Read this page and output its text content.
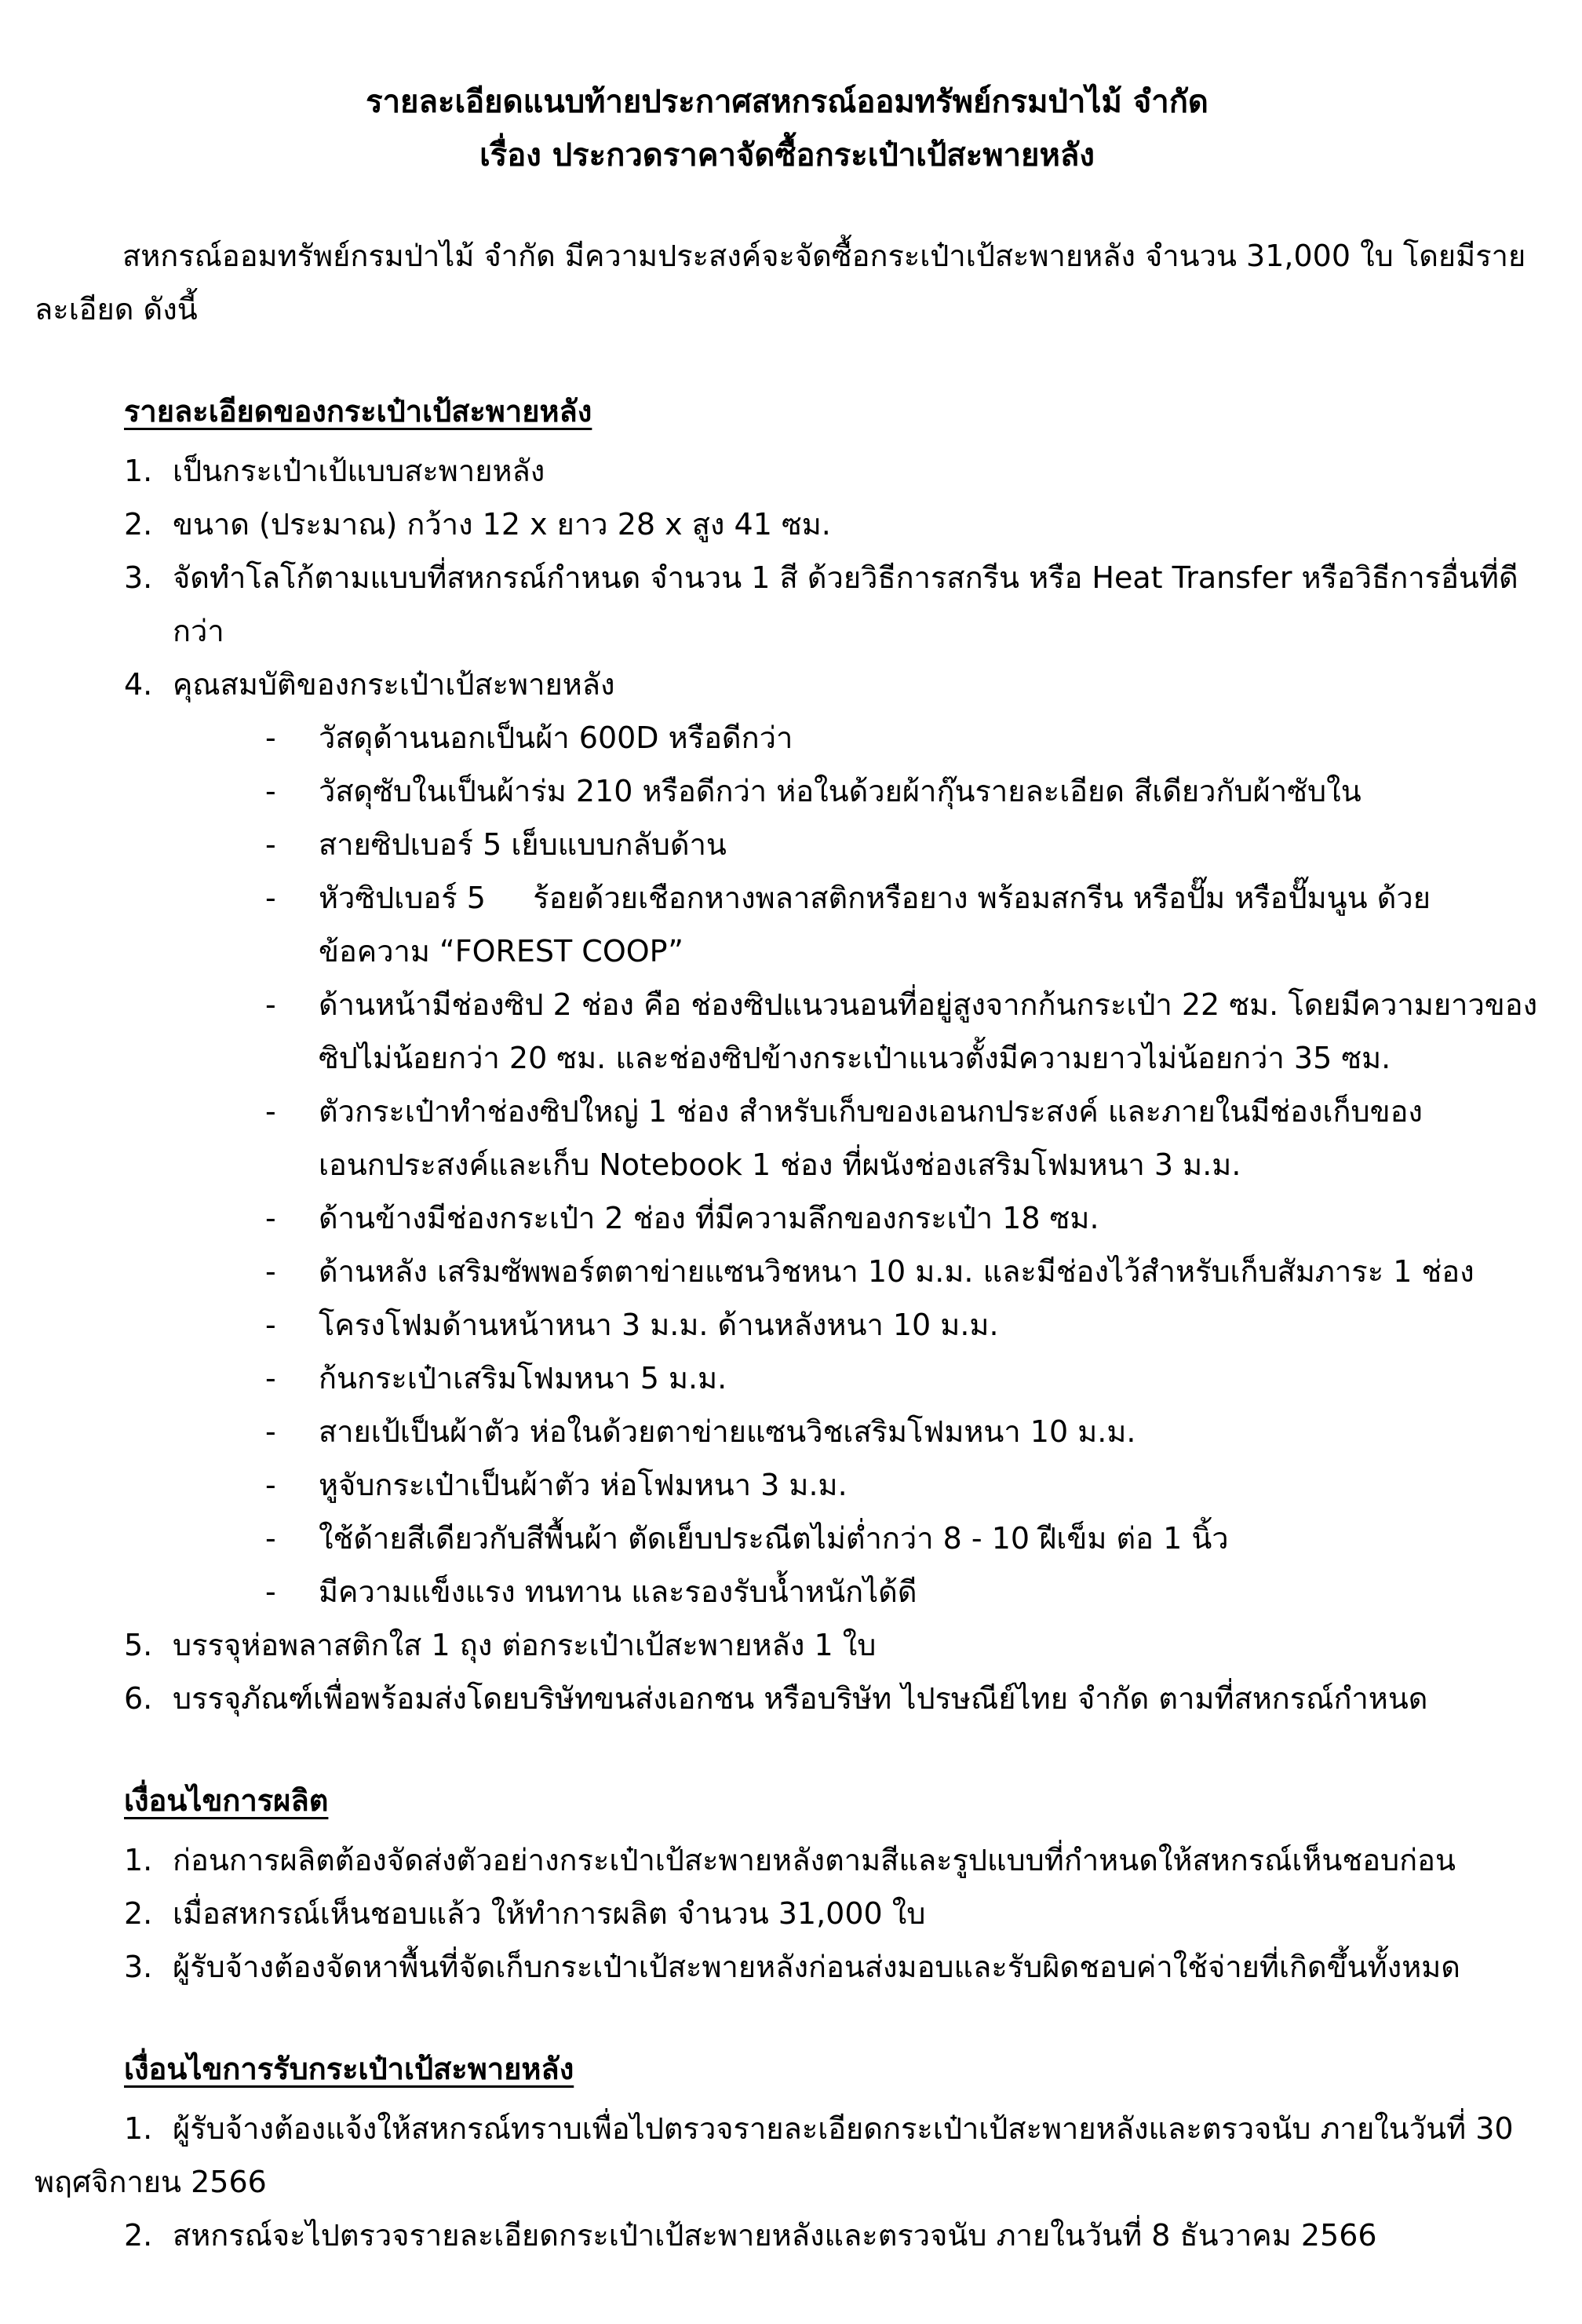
รายละเอียดแนบท้ายประกาศสหกรณ์ออมทรัพย์กรมป่าไม้ จำกัด
เรื่อง ประกวดราคาจัดซื้อกระเป๋าเป้สะพายหลัง

สหกรณ์ออมทรัพย์กรมป่าไม้ จำกัด มีความประสงค์จะจัดซื้อกระเป๋าเป้สะพายหลัง จำนวน 31,000 ใบ โดยมีรายละเอียด ดังนี้

รายละเอียดของกระเป๋าเป้สะพายหลัง
1. เป็นกระเป๋าเป้แบบสะพายหลัง
2. ขนาด (ประมาณ) กว้าง 12 x ยาว 28 x สูง 41 ซม.
3. จัดทำโลโก้ตามแบบที่สหกรณ์กำหนด จำนวน 1 สี ด้วยวิธีการสกรีน หรือ Heat Transfer หรือวิธีการอื่นที่ดีกว่า
4. คุณสมบัติของกระเป๋าเป้สะพายหลัง
- วัสดุด้านนอกเป็นผ้า 600D หรือดีกว่า
- วัสดุซับในเป็นผ้าร่ม 210 หรือดีกว่า ห่อในด้วยผ้ากุ๊นรายละเอียด สีเดียวกับผ้าซับใน
- สายซิปเบอร์ 5 เย็บแบบกลับด้าน
- หัวซิปเบอร์ 5     ร้อยด้วยเชือกหางพลาสติกหรือยาง พร้อมสกรีน หรือปั๊ม หรือปั๊มนูน ด้วยข้อความ “FOREST COOP”
- ด้านหน้ามีช่องซิป 2 ช่อง คือ ช่องซิปแนวนอนที่อยู่สูงจากก้นกระเป๋า 22 ซม. โดยมีความยาวของซิปไม่น้อยกว่า 20 ซม. และช่องซิปข้างกระเป๋าแนวตั้งมีความยาวไม่น้อยกว่า 35 ซม.
- ตัวกระเป๋าทำช่องซิปใหญ่ 1 ช่อง สำหรับเก็บของเอนกประสงค์ และภายในมีช่องเก็บของเอนกประสงค์และเก็บ Notebook 1 ช่อง ที่ผนังช่องเสริมโฟมหนา 3 ม.ม.
- ด้านข้างมีช่องกระเป๋า 2 ช่อง ที่มีความลึกของกระเป๋า 18 ซม.
- ด้านหลัง เสริมซัพพอร์ตตาข่ายแซนวิชหนา 10 ม.ม. และมีช่องไว้สำหรับเก็บสัมภาระ 1 ช่อง
- โครงโฟมด้านหน้าหนา 3 ม.ม. ด้านหลังหนา 10 ม.ม.
- ก้นกระเป๋าเสริมโฟมหนา 5 ม.ม.
- สายเป้เป็นผ้าตัว ห่อในด้วยตาข่ายแซนวิชเสริมโฟมหนา 10 ม.ม.
- หูจับกระเป๋าเป็นผ้าตัว ห่อโฟมหนา 3 ม.ม.
- ใช้ด้ายสีเดียวกับสีพื้นผ้า ตัดเย็บประณีตไม่ต่ำกว่า 8 - 10 ฝีเข็ม ต่อ 1 นิ้ว
- มีความแข็งแรง ทนทาน และรองรับน้ำหนักได้ดี
5. บรรจุห่อพลาสติกใส 1 ถุง ต่อกระเป๋าเป้สะพายหลัง 1 ใบ
6. บรรจุภัณฑ์เพื่อพร้อมส่งโดยบริษัทขนส่งเอกชน หรือบริษัท ไปรษณีย์ไทย จำกัด ตามที่สหกรณ์กำหนด
เงื่อนไขการผลิต
1. ก่อนการผลิตต้องจัดส่งตัวอย่างกระเป๋าเป้สะพายหลังตามสีและรูปแบบที่กำหนดให้สหกรณ์เห็นชอบก่อน
2. เมื่อสหกรณ์เห็นชอบแล้ว ให้ทำการผลิต จำนวน 31,000 ใบ
3. ผู้รับจ้างต้องจัดหาพื้นที่จัดเก็บกระเป๋าเป้สะพายหลังก่อนส่งมอบและรับผิดชอบค่าใช้จ่ายที่เกิดขึ้นทั้งหมด
เงื่อนไขการรับกระเป๋าเป้สะพายหลัง
1. ผู้รับจ้างต้องแจ้งให้สหกรณ์ทราบเพื่อไปตรวจรายละเอียดกระเป๋าเป้สะพายหลังและตรวจนับ ภายในวันที่ 30 พฤศจิกายน 2566
2. สหกรณ์จะไปตรวจรายละเอียดกระเป๋าเป้สะพายหลังและตรวจนับ ภายในวันที่ 8 ธันวาคม 2566
